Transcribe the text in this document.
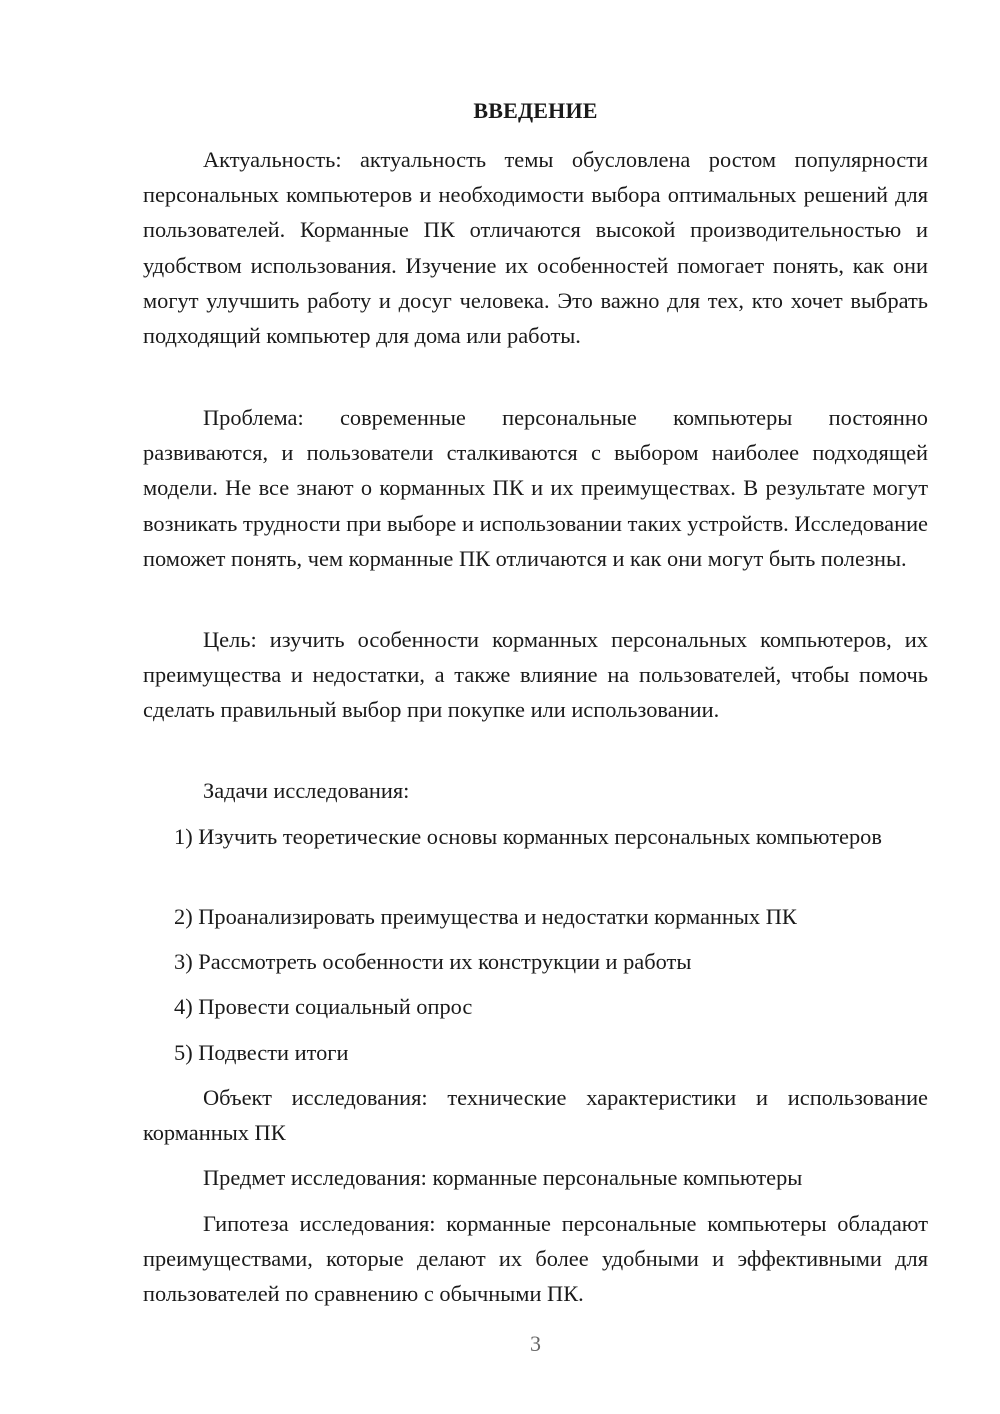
ВВЕДЕНИЕ

Актуальность: актуальность темы обусловлена ростом популярности персональных компьютеров и необходимости выбора оптимальных решений для пользователей. Корманные ПК отличаются высокой производительностью и удобством использования. Изучение их особенностей помогает понять, как они могут улучшить работу и досуг человека. Это важно для тех, кто хочет выбрать подходящий компьютер для дома или работы.

Проблема: современные персональные компьютеры постоянно развиваются, и пользователи сталкиваются с выбором наиболее подходящей модели. Не все знают о корманных ПК и их преимуществах. В результате могут возникать трудности при выборе и использовании таких устройств. Исследование поможет понять, чем корманные ПК отличаются и как они могут быть полезны.

Цель: изучить особенности корманных персональных компьютеров, их преимущества и недостатки, а также влияние на пользователей, чтобы помочь сделать правильный выбор при покупке или использовании.

Задачи исследования:

1) Изучить теоретические основы корманных персональных компьютеров

2) Проанализировать преимущества и недостатки корманных ПК

3) Рассмотреть особенности их конструкции и работы

4) Провести социальный опрос

5) Подвести итоги

Объект исследования: технические характеристики и использование корманных ПК

Предмет исследования: корманные персональные компьютеры

Гипотеза исследования: корманные персональные компьютеры обладают преимуществами, которые делают их более удобными и эффективными для пользователей по сравнению с обычными ПК.

3
